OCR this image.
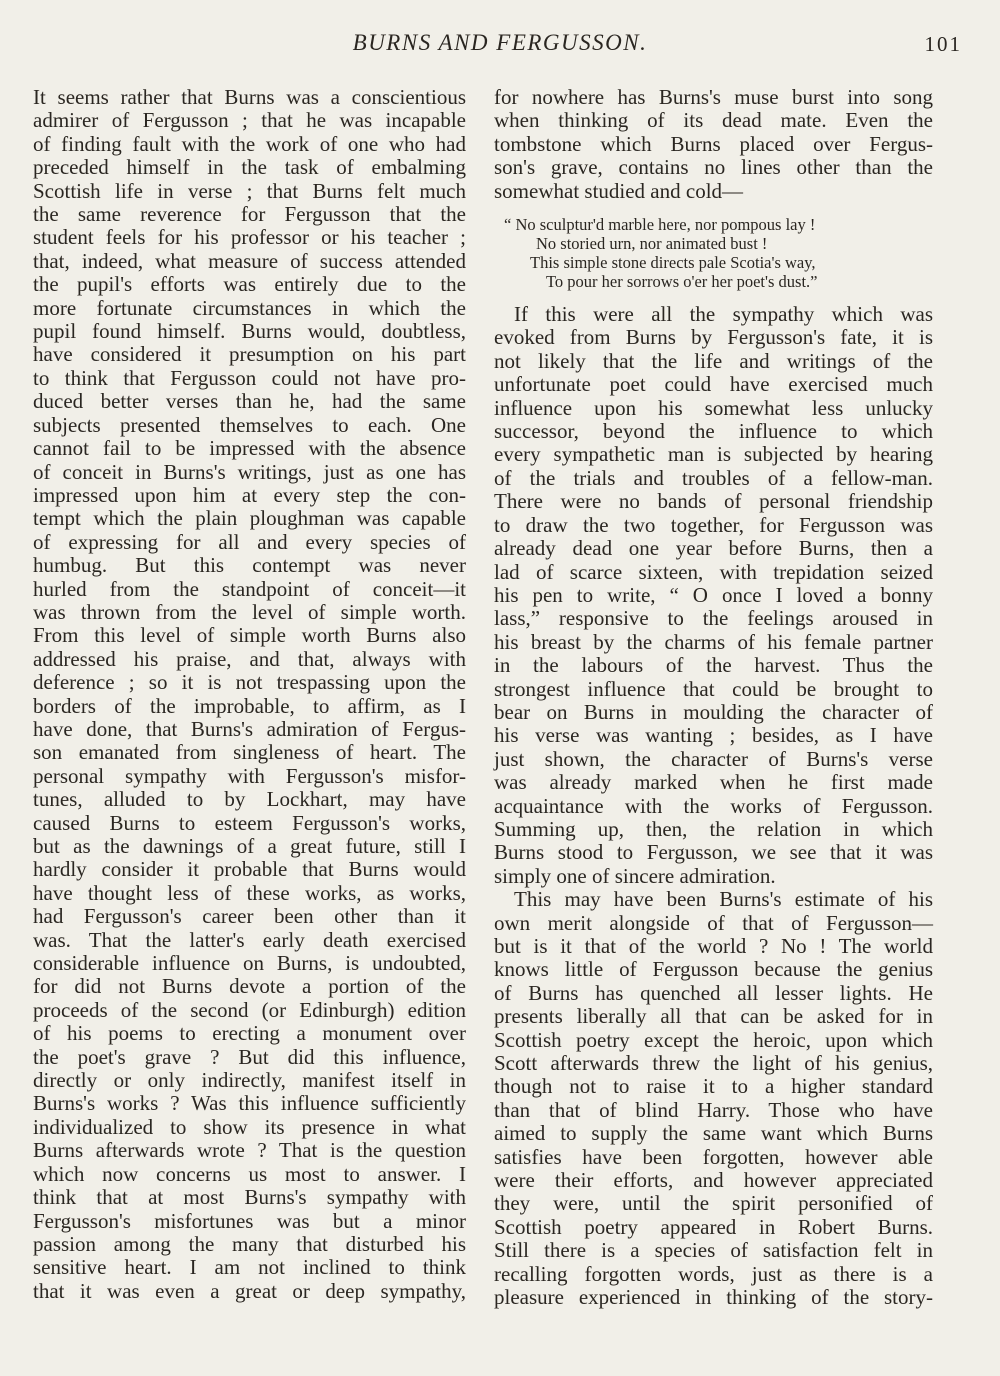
BURNS AND FERGUSSON.	101
It seems rather that Burns was a conscientious
admirer of Fergusson ; that he was incapable
of finding fault with the work of one who had
preceded himself in the task of embalming
Scottish life in verse ; that Burns felt much
the same reverence for Fergusson that the
student feels for his professor or his teacher ;
that, indeed, what measure of success attended
the pupil's efforts was entirely due to the
more fortunate circumstances in which the
pupil found himself. Burns would, doubtless,
have considered it presumption on his part
to think that Fergusson could not have pro-
duced better verses than he, had the same
subjects presented themselves to each. One
cannot fail to be impressed with the absence
of conceit in Burns's writings, just as one has
impressed upon him at every step the con-
tempt which the plain ploughman was capable
of expressing for all and every species of
humbug. But this contempt was never
hurled from the standpoint of conceit—it
was thrown from the level of simple worth.
From this level of simple worth Burns also
addressed his praise, and that, always with
deference ; so it is not trespassing upon the
borders of the improbable, to affirm, as I
have done, that Burns's admiration of Fergus-
son emanated from singleness of heart. The
personal sympathy with Fergusson's misfor-
tunes, alluded to by Lockhart, may have
caused Burns to esteem Fergusson's works,
but as the dawnings of a great future, still I
hardly consider it probable that Burns would
have thought less of these works, as works,
had Fergusson's career been other than it
was. That the latter's early death exercised
considerable influence on Burns, is undoubted,
for did not Burns devote a portion of the
proceeds of the second (or Edinburgh) edition
of his poems to erecting a monument over
the poet's grave ? But did this influence,
directly or only indirectly, manifest itself in
Burns's works ? Was this influence sufficiently
individualized to show its presence in what
Burns afterwards wrote ? That is the question
which now concerns us most to answer. I
think that at most Burns's sympathy with
Fergusson's misfortunes was but a minor
passion among the many that disturbed his
sensitive heart. I am not inclined to think
that it was even a great or deep sympathy,
for nowhere has Burns's muse burst into song
when thinking of its dead mate. Even the
tombstone which Burns placed over Fergus-
son's grave, contains no lines other than the
somewhat studied and cold—
“ No sculptur'd marble here, nor pompous lay !
No storied urn, nor animated bust !
This simple stone directs pale Scotia's way,
To pour her sorrows o'er her poet's dust.”
If this were all the sympathy which was
evoked from Burns by Fergusson's fate, it is
not likely that the life and writings of the
unfortunate poet could have exercised much
influence upon his somewhat less unlucky
successor, beyond the influence to which
every sympathetic man is subjected by hearing
of the trials and troubles of a fellow-man.
There were no bands of personal friendship
to draw the two together, for Fergusson was
already dead one year before Burns, then a
lad of scarce sixteen, with trepidation seized
his pen to write, “ O once I loved a bonny
lass,” responsive to the feelings aroused in
his breast by the charms of his female partner
in the labours of the harvest. Thus the
strongest influence that could be brought to
bear on Burns in moulding the character of
his verse was wanting ; besides, as I have
just shown, the character of Burns's verse
was already marked when he first made
acquaintance with the works of Fergusson.
Summing up, then, the relation in which
Burns stood to Fergusson, we see that it was
simply one of sincere admiration.
This may have been Burns's estimate of his
own merit alongside of that of Fergusson—
but is it that of the world ? No ! The world
knows little of Fergusson because the genius
of Burns has quenched all lesser lights. He
presents liberally all that can be asked for in
Scottish poetry except the heroic, upon which
Scott afterwards threw the light of his genius,
though not to raise it to a higher standard
than that of blind Harry. Those who have
aimed to supply the same want which Burns
satisfies have been forgotten, however able
were their efforts, and however appreciated
they were, until the spirit personified of
Scottish poetry appeared in Robert Burns.
Still there is a species of satisfaction felt in
recalling forgotten words, just as there is a
pleasure experienced in thinking of the story-
